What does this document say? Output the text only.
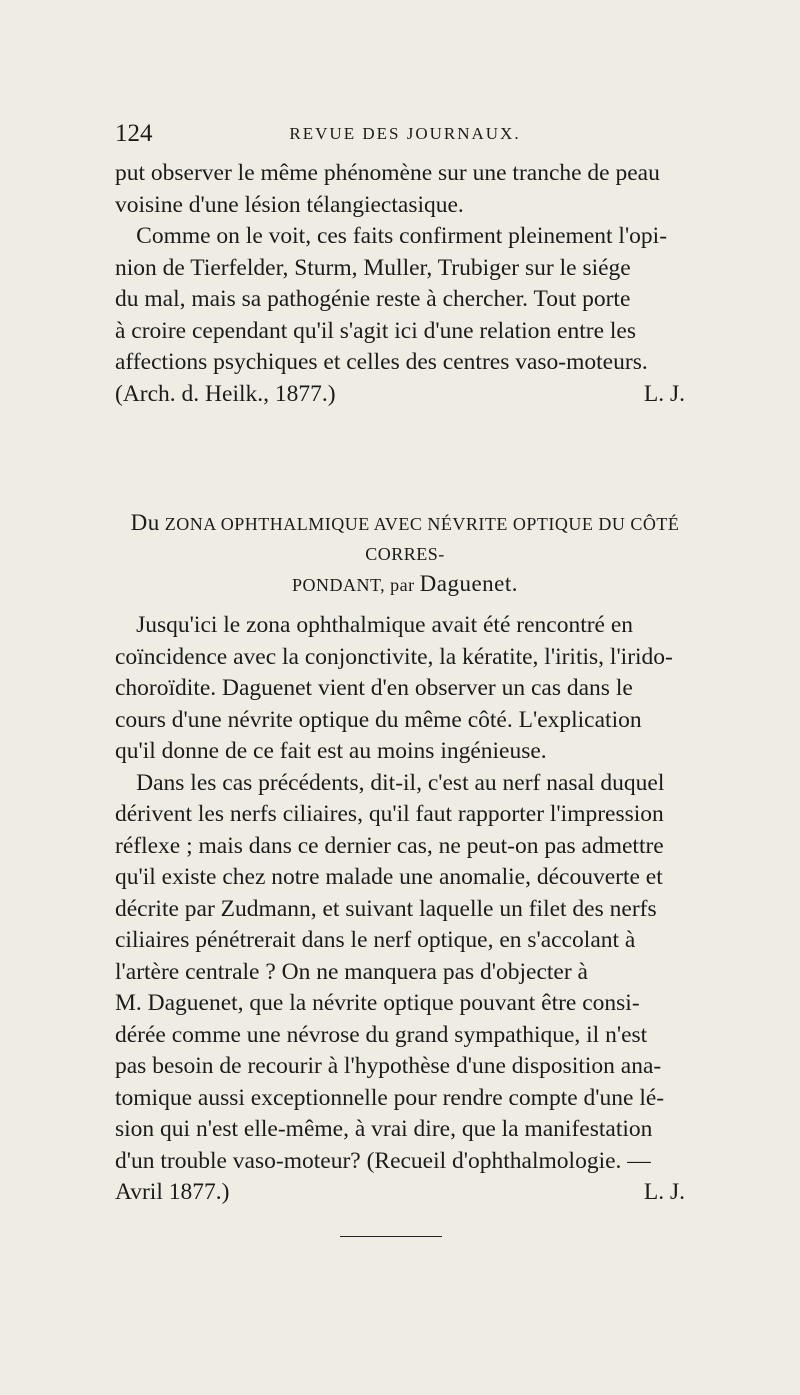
124	REVUE DES JOURNAUX.

put observer le même phénomène sur une tranche de peau

voisine d'une lésion télangiectasique.

Comme on le voit, ces faits confirment pleinement l'opi-

nion de Tierfelder, Sturm, Muller, Trubiger sur le siége

du mal, mais sa pathogénie reste à chercher. Tout porte

à croire cependant qu'il s'agit ici d'une relation entre les

affections psychiques et celles des centres vaso-moteurs.

(Arch. d. Heilk., 1877.)	L. J.

Du ZONA OPHTHALMIQUE AVEC NÉVRITE OPTIQUE DU CÔTÉ CORRES-
PONDANT, par Daguenet.

Jusqu'ici le zona ophthalmique avait été rencontré en

coïncidence avec la conjonctivite, la kératite, l'iritis, l'irido-

choroïdite. Daguenet vient d'en observer un cas dans le

cours d'une névrite optique du même côté. L'explication

qu'il donne de ce fait est au moins ingénieuse.

Dans les cas précédents, dit-il, c'est au nerf nasal duquel

dérivent les nerfs ciliaires, qu'il faut rapporter l'impression

réflexe ; mais dans ce dernier cas, ne peut-on pas admettre

qu'il existe chez notre malade une anomalie, découverte et

décrite par Zudmann, et suivant laquelle un filet des nerfs

ciliaires pénétrerait dans le nerf optique, en s'accolant à

l'artère centrale ? On ne manquera pas d'objecter à

M. Daguenet, que la névrite optique pouvant être consi-

dérée comme une névrose du grand sympathique, il n'est

pas besoin de recourir à l'hypothèse d'une disposition ana-

tomique aussi exceptionnelle pour rendre compte d'une lé-

sion qui n'est elle-même, à vrai dire, que la manifestation

d'un trouble vaso-moteur? (Recueil d'ophthalmologie. —

Avril 1877.)	L. J.
